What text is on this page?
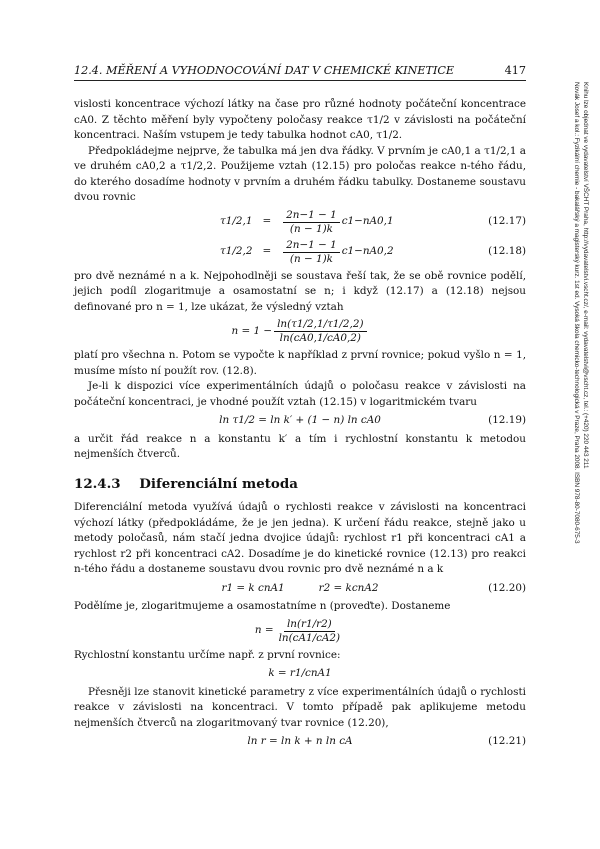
12.4. MĚŘENÍ A VYHODNOCOVÁNÍ DAT V CHEMICKÉ KINETICE	417
Novák Josef a kol.: Fyzikální chemie - bakalářský a magisterský kurz. 1st ed. Vysoká škola chemicko-technologická v Praze, Praha 2008. ISBN 978-80-7080-675-3 Knihu lze objednat ve vydavatelství VŠCHT Praha, http://vydavatelstvi.vscht.cz/, e-mail: vydavatelstvi@vscht.cz, tel.: (+420) 220 443 211

vislosti koncentrace výchozí látky na čase pro různé hodnoty počáteční koncentrace cA0. Z těchto měření byly vypočteny poločasy reakce τ1/2 v závislosti na počáteční koncentraci. Naším vstupem je tedy tabulka hodnot cA0, τ1/2.

Předpokládejme nejprve, že tabulka má jen dva řádky. V prvním je cA0,1 a τ1/2,1 a ve druhém cA0,2 a τ1/2,2. Použijeme vztah (12.15) pro poločas reakce n-tého řádu, do kterého dosadíme hodnoty v prvním a druhém řádku tabulky. Dostaneme soustavu dvou rovnic

$\tau 1/2,1 = \frac{2n-1 - 1}{(n - 1)k} c1-nA0,1$	(12.17)
$\tau 1/2,2 = \frac{2n-1 - 1}{(n - 1)k} c1-nA0,2$	(12.18)

pro dvě neznámé n a k. Nejpohodlněji se soustava řeší tak, že se obě rovnice podělí, jejich podíl zlogaritmuje a osamostatní se n; i když (12.17) a (12.18) nejsou definované pro n = 1, lze ukázat, že výsledný vztah

$n = 1 - \frac{\ln(\tau 1/2,1/\tau 1/2,2)}{\ln(cA0,1/cA0,2)}$

platí pro všechna n. Potom se vypočte k například z první rovnice; pokud vyšlo n = 1, musíme místo ní použít rov. (12.8).

Je-li k dispozici více experimentálních údajů o poločasu reakce v závislosti na počáteční koncentraci, je vhodné použít vztah (12.15) v logaritmickém tvaru

ln τ1/2 = ln k′ + (1 − n) ln cA0	(12.19)

a určit řád reakce n a konstantu k′ a tím i rychlostní konstantu k metodou nejmenších čtverců.

12.4.3 Diferenciální metoda

Diferenciální metoda využívá údajů o rychlosti reakce v závislosti na koncentraci výchozí látky (předpokládáme, že je jen jedna). K určení řádu reakce, stejně jako u metody poločasů, nám stačí jedna dvojice údajů: rychlost r1 při koncentraci cA1 a rychlost r2 při koncentraci cA2. Dosadíme je do kinetické rovnice (12.13) pro reakci n-tého řádu a dostaneme soustavu dvou rovnic pro dvě neznámé n a k

r1 = k cnA1	r2 = kcnA2	(12.20)

Podělíme je, zlogaritmujeme a osamostatníme n (proveďte). Dostaneme

$n = \frac{\ln(r1/r2)}{\ln(cA1/cA2)}$

Rychlostní konstantu určíme např. z první rovnice:

k = r1/cnA1

Přesněji lze stanovit kinetické parametry z více experimentálních údajů o rychlosti reakce v závislosti na koncentraci. V tomto případě pak aplikujeme metodu nejmenších čtverců na zlogaritmovaný tvar rovnice (12.20),

ln r = ln k + n ln cA	(12.21)
